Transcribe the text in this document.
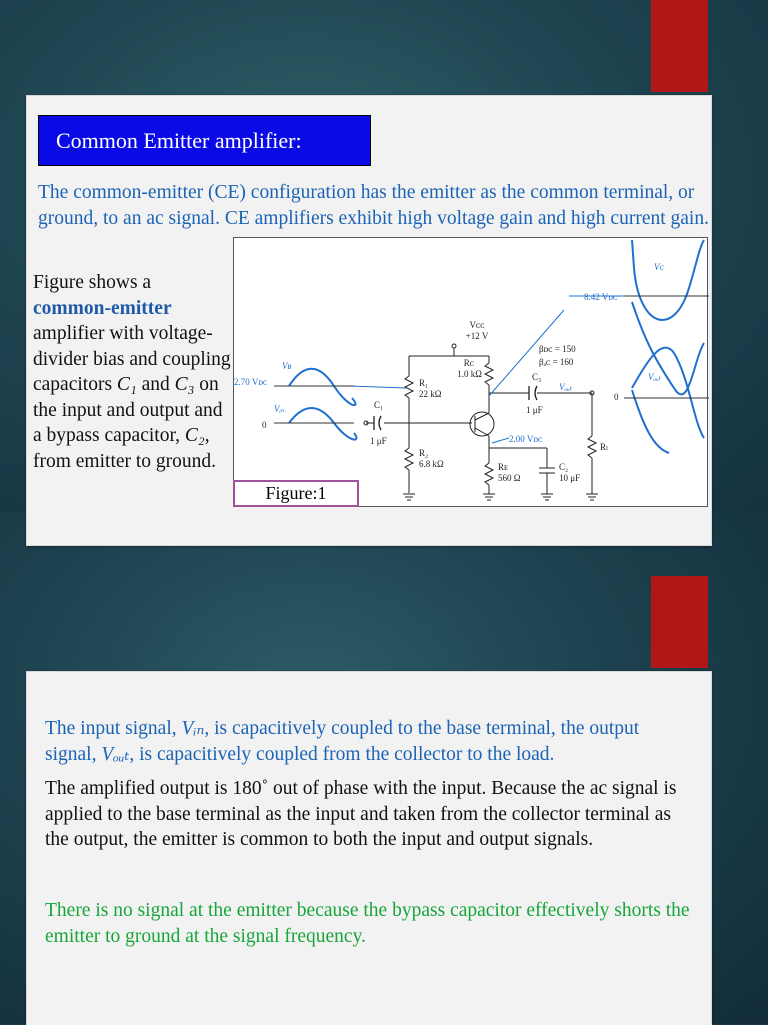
Common Emitter amplifier:
The common-emitter (CE) configuration has the emitter as the common terminal, or ground, to an ac signal. CE amplifiers exhibit high voltage gain and high current gain.
Figure shows a common-emitter amplifier with voltage-divider bias and coupling capacitors C₁ and C₃ on the input and output and a bypass capacitor, C₂, from emitter to ground.
Vᴄᴄ
+12 V
Rᴄ
1.0 kΩ
R₁
22 kΩ
R₂
6.8 kΩ	Rᴇ
560 Ω
C₁
1 μF
C₂
10 μF
C₃
1 μF
Rₗ
βᴅᴄ = 150
βₐᴄ = 160
0
0
2.70 Vᴅᴄ
2.00 Vᴅᴄ
8.42 Vᴅᴄ
Vʙ
Vᵢₙ
Vₒᵤₜ
Vₒᵤₜ
Vᴄ
Figure:1
The input signal, Vᵢₙ, is capacitively coupled to the base terminal, the output signal, Vₒᵤₜ, is capacitively coupled from the collector to the load.
The amplified output is 180˚ out of phase with the input. Because the ac signal is applied to the base terminal as the input and taken from the collector terminal as the output, the emitter is common to both the input and output signals.
There is no signal at the emitter because the bypass capacitor effectively shorts the emitter to ground at the signal frequency.
